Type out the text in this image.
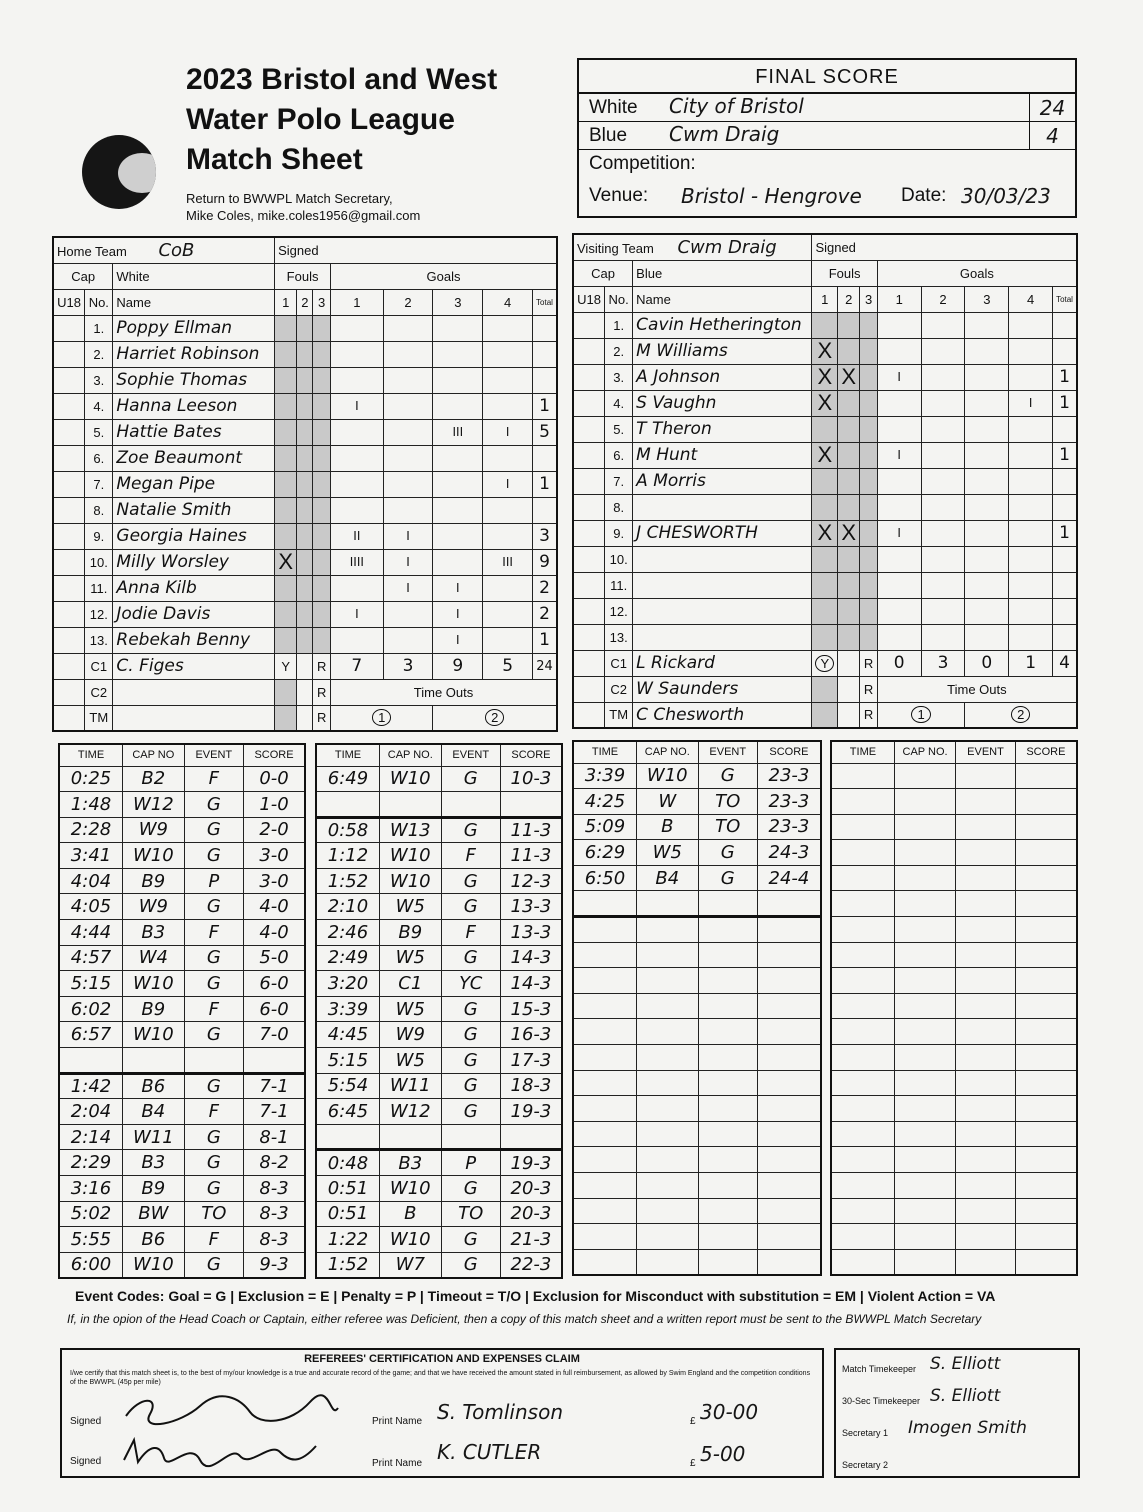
2023 Bristol and West
Water Polo League
Match Sheet
Return to BWWPL Match Secretary,
Mike Coles, mike.coles1956@gmail.com
FINAL SCORE
White City of Bristol	24
Blue Cwm Draig	4
Competition:
Venue: Bristol - Hengrove Date: 30/03/23
Home Team CoB			Signed							
Cap		White	Fouls			Goals				
U18	No.	Name	1	2	3	1	2	3	4	Total
	1.	Poppy Ellman								
	2.	Harriet Robinson								
	3.	Sophie Thomas								
	4.	Hanna Leeson				I				1
	5.	Hattie Bates						III	I	5
	6.	Zoe Beaumont								
	7.	Megan Pipe							I	1
	8.	Natalie Smith								
	9.	Georgia Haines				II	I			3
	10.	Milly Worsley	X			IIII	I		III	9
	11.	Anna Kilb					I	I		2
	12.	Jodie Davis				I		I		2
	13.	Rebekah Benny						I		1
	C1	C. Figes	Y		R	7	3	9	5	24
	C2				R	Time Outs				
	TM				R	1		2		
Visiting Team Cwm Draig			Signed							
Cap		Blue	Fouls			Goals				
U18	No.	Name	1	2	3	1	2	3	4	Total
	1.	Cavin Hetherington								
	2.	M Williams	X							
	3.	A Johnson	X	X		I				1
	4.	S Vaughn	X						I	1
	5.	T Theron								
	6.	M Hunt	X			I				1
	7.	A Morris								
	8.									
	9.	J CHESWORTH	X	X		I				1
	10.									
	11.									
	12.									
	13.									
	C1	L Rickard	Y		R	0	3	0	1	4
	C2	W Saunders			R	Time Outs				
	TM	C Chesworth			R	1		2		
TIME	CAP NO	EVENT	SCORE
0:25	B2	F	0-0
1:48	W12	G	1-0
2:28	W9	G	2-0
3:41	W10	G	3-0
4:04	B9	P	3-0
4:05	W9	G	4-0
4:44	B3	F	4-0
4:57	W4	G	5-0
5:15	W10	G	6-0
6:02	B9	F	6-0
6:57	W10	G	7-0

1:42	B6	G	7-1
2:04	B4	F	7-1
2:14	W11	G	8-1
2:29	B3	G	8-2
3:16	B9	G	8-3
5:02	BW	TO	8-3
5:55	B6	F	8-3
6:00	W10	G	9-3
TIME	CAP NO.	EVENT	SCORE
6:49	W10	G	10-3

0:58	W13	G	11-3
1:12	W10	F	11-3
1:52	W10	G	12-3
2:10	W5	G	13-3
2:46	B9	F	13-3
2:49	W5	G	14-3
3:20	C1	YC	14-3
3:39	W5	G	15-3
4:45	W9	G	16-3
5:15	W5	G	17-3
5:54	W11	G	18-3
6:45	W12	G	19-3

0:48	B3	P	19-3
0:51	W10	G	20-3
0:51	B	TO	20-3
1:22	W10	G	21-3
1:52	W7	G	22-3
TIME	CAP NO.	EVENT	SCORE
3:39	W10	G	23-3
4:25	W	TO	23-3
5:09	B	TO	23-3
6:29	W5	G	24-3
6:50	B4	G	24-4

TIME	CAP NO.	EVENT	SCORE

Event Codes: Goal = G | Exclusion = E | Penalty = P | Timeout = T/O | Exclusion for Misconduct with substitution = EM | Violent Action = VA
If, in the opion of the Head Coach or Captain, either referee was Deficient, then a copy of this match sheet and a written report must be sent to the BWWPL Match Secretary
REFEREES' CERTIFICATION AND EXPENSES CLAIM
I/we certify that this match sheet is, to the best of my/our knowledge is a true and accurate record of the game; and that we have received the amount stated in full reimbursement, as allowed by Swim England and the competition conditions of the BWWPL (45p per mile)
Signed	Print Name S. Tomlinson	£ 30-00
Signed	Print Name K. CUTLER	£ 5-00
Match Timekeeper S. Elliott
30-Sec Timekeeper S. Elliott
Secretary 1 Imogen Smith
Secretary 2
